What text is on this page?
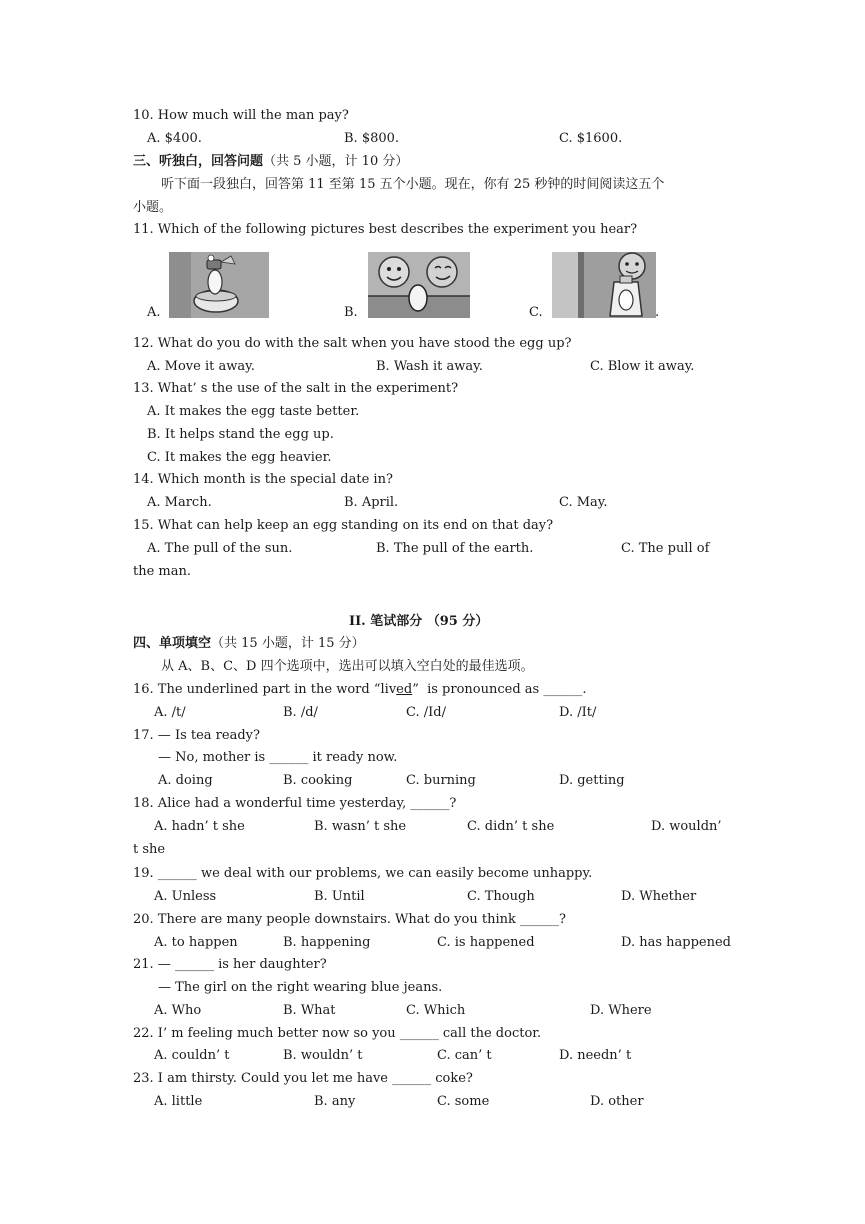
10. How much will the man pay?
A. $400.	B. $800.	C. $1600.
三、听独白，回答问题（共 5 小题，计 10 分）
听下面一段独白，回答第 11 至第 15 五个小题。现在，你有 25 秒钟的时间阅读这五个
小题。
11. Which of the following pictures best describes the experiment you hear?
A.	B.	C.	.
12. What do you do with the salt when you have stood the egg up?
A. Move it away.	B. Wash it away.	C. Blow it away.
13. What’ s the use of the salt in the experiment?
A. It makes the egg taste better.
B. It helps stand the egg up.
C. It makes the egg heavier.
14. Which month is the special date in?
A. March.	B. April.	C. May.
15. What can help keep an egg standing on its end on that day?
A. The pull of the sun.	B. The pull of the earth.	C. The pull of
the man.
II. 笔试部分 （95 分）
四、单项填空（共 15 小题，计 15 分）
从 A、B、C、D 四个选项中，选出可以填入空白处的最佳选项。
16. The underlined part in the word “lived”  is pronounced as ______.
A. /t/	B. /d/	C. /Id/	D. /It/
17. — Is tea ready?
— No, mother is ______ it ready now.
A. doing	B. cooking	C. burning	D. getting
18. Alice had a wonderful time yesterday, ______?
A. hadn’ t she	B. wasn’ t she	C. didn’ t she	D. wouldn’
t she
19. ______ we deal with our problems, we can easily become unhappy.
A. Unless	B. Until	C. Though	D. Whether
20. There are many people downstairs. What do you think ______?
A. to happen	B. happening	C. is happened	D. has happened
21. — ______ is her daughter?
— The girl on the right wearing blue jeans.
A. Who	B. What	C. Which	D. Where
22. I’ m feeling much better now so you ______ call the doctor.
A. couldn’ t	B. wouldn’ t	C. can’ t	D. needn’ t
23. I am thirsty. Could you let me have ______ coke?
A. little	B. any	C. some	D. other
